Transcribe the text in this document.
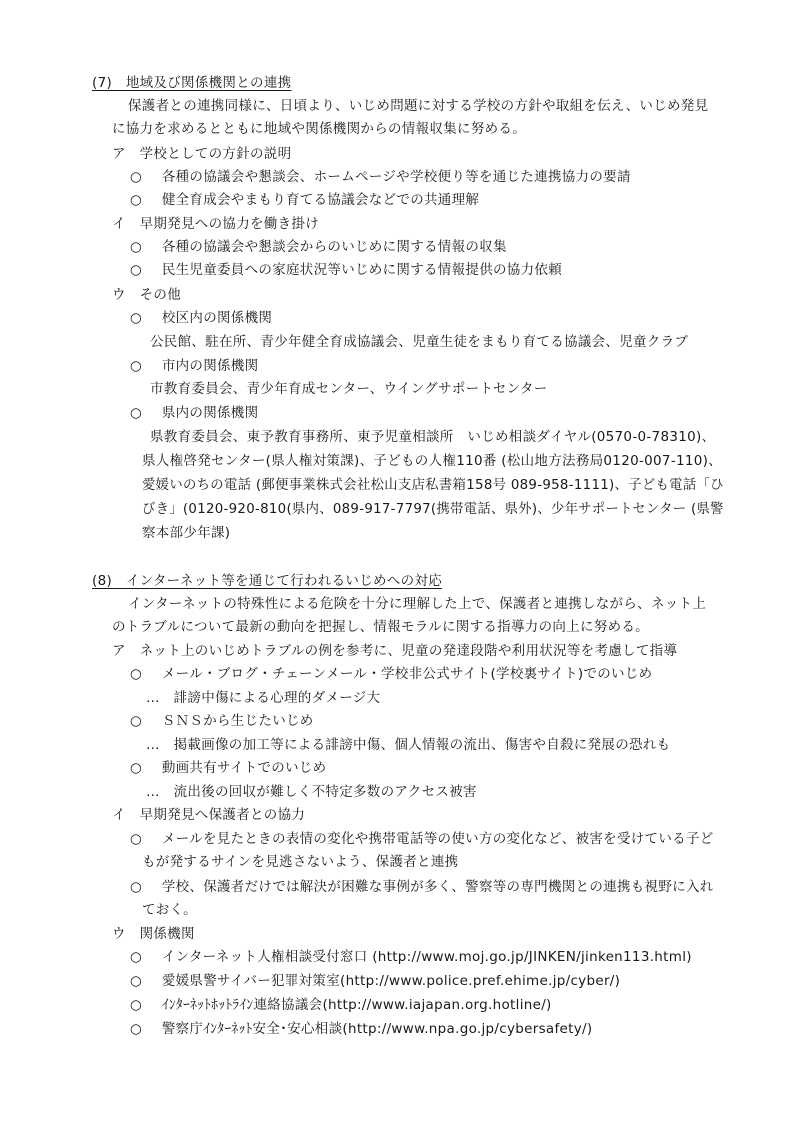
(7)　地域及び関係機関との連携
保護者との連携同様に、日頃より、いじめ問題に対する学校の方針や取組を伝え、いじめ発見
に協力を求めるとともに地域や関係機関からの情報収集に努める。
ア　学校としての方針の説明
○　 各種の協議会や懇談会、ホームページや学校便り等を通じた連携協力の要請
○　 健全育成会やまもり育てる協議会などでの共通理解
イ　早期発見への協力を働き掛け
○　 各種の協議会や懇談会からのいじめに関する情報の収集
○　 民生児童委員への家庭状況等いじめに関する情報提供の協力依頼
ウ　その他
○　 校区内の関係機関
公民館、駐在所、青少年健全育成協議会、児童生徒をまもり育てる協議会、児童クラブ
○　 市内の関係機関
市教育委員会、青少年育成センター、ウイングサポートセンター
○　 県内の関係機関
県教育委員会、東予教育事務所、東予児童相談所　いじめ相談ダイヤル(0570-0-78310)、
県人権啓発センター(県人権対策課)、子どもの人権110番 (松山地方法務局0120-007-110)、
愛媛いのちの電話 (郵便事業株式会社松山支店私書箱158号 089-958-1111)、子ども電話「ひ
びき」(0120-920-810(県内、089-917-7797(携帯電話、県外)、少年サポートセンター (県警
察本部少年課)
(8)　インターネット等を通じて行われるいじめへの対応
インターネットの特殊性による危険を十分に理解した上で、保護者と連携しながら、ネット上
のトラブルについて最新の動向を把握し、情報モラルに関する指導力の向上に努める。
ア　ネット上のいじめトラブルの例を参考に、児童の発達段階や利用状況等を考慮して指導
○　 メール・ブログ・チェーンメール・学校非公式サイト(学校裏サイト)でのいじめ
…　誹謗中傷による心理的ダメージ大
○　 ＳＮＳから生じたいじめ
…　掲載画像の加工等による誹謗中傷、個人情報の流出、傷害や自殺に発展の恐れも
○　 動画共有サイトでのいじめ
…　流出後の回収が難しく不特定多数のアクセス被害
イ　早期発見へ保護者との協力
○　 メールを見たときの表情の変化や携帯電話等の使い方の変化など、被害を受けている子ど
もが発するサインを見逃さないよう、保護者と連携
○　 学校、保護者だけでは解決が困難な事例が多く、警察等の専門機関との連携も視野に入れ
ておく。
ウ　関係機関
○　 インターネット人権相談受付窓口 (http://www.moj.go.jp/JINKEN/jinken113.html)
○　 愛媛県警サイバー犯罪対策室(http://www.police.pref.ehime.jp/cyber/)
○　 ｲﾝﾀｰﾈｯﾄﾎｯﾄﾗｲﾝ連絡協議会(http://www.iajapan.org.hotline/)
○　 警察庁ｲﾝﾀｰﾈｯﾄ安全･安心相談(http://www.npa.go.jp/cybersafety/)
